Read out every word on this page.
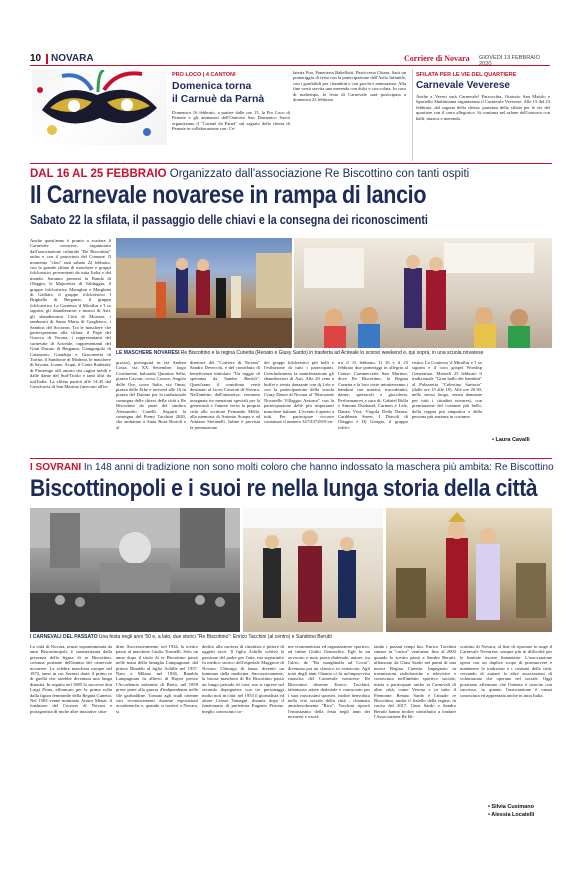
10 NOVARA	Corriere di Novara GIOVEDÌ 13 FEBBRAIO 2020
PRO LOCO | 4 CANTONI
Domenica torna
il Carnuè da Parnà
Domenica 16 febbraio, a partire dalle ore 15, la Pro Loco di Pernate e gli animatori dell'Oratorio San Domenico Savio organizzano il "Carnuè da Parnà" sul sagrato della chiesa di Pernate in collaborazione con: Ce-
lateria Pua, Panetteria Rabellotti, Pasticceria Chiara. Sarà un pomeriggio di festa con la partecipazione dell'Asilo Infantile, con i gonfiabili per i bambini e con giochi e animazioni. Alla fine verrà servita una merenda con dolci e cioccolata. In caso di maltempo, la festa di Carnevale sarà posticipata a domenica 23 febbraio.
SFILATA PER LE VIE DEL QUARTIERE
Carnevale Veverese
Anche a Veveri sarà Carnevale! Parrocchia, Oratorio San Maiolo e Sportello Shulimiama organizzano il Carnevale Veverese. Alle 15 del 23 febbraio, dal sagrato della chiesa, partenza della sfilata per le vie del quartiere con il carro allegorico. Si continua nel salone dell'oratorio con balli, musica e merenda.
DAL 16 AL 25 FEBBRAIO Organizzato dall'associazione Re Biscottino con tanti ospiti
Il Carnevale novarese in rampa di lancio
Sabato 22 la sfilata, il passaggio delle chiavi e la consegna dei riconoscimenti
Anche quest'anno è pronto a scattare il Carnevale novarese, organizzato dall'associazione culturale "Re Biscottino" onlus e con il patrocinio del Comune. Il momento "clou" sarà sabato 22 febbraio, con la grande sfilata di maschere e gruppi folcloristici provenienti da tutta Italia e dal mondo. Saranno presenti la Banda di Oleggio, le Majorettes di Valduggia, il gruppo folcloristico Maraghin e Marghina di Galliate, il gruppo folcloristico I Brighella di Bergamo, il gruppo folcloristico La Contessa 'd Miraflur e 'l so sigurin, gli sbandieratori e musici di Asti, gli sbandieratori Città di Mortara, i tamburini di Santa Maria di Gragliasco, i Sambos del Socavon. Tra le maschere che parteciperanno alla sfilata: il Papà del Gnocco di Verona, i rappresentanti del carnevale di Acireale, rappresentanti del Gran Ducato di Bergamo, Giangurgolo di Catanzaro, Gianduja e Giacometta di Torino, il Sandrone di Modena, le maschere di Savona, Loano, Acqui, il Conte Radetzky di Pastrengo affi ancato dai cugini nobili e dalle dame del Sud-Tirolo e tanti altri da tutt'Italia. La sfilata partirà alle 14.45 dal Cavalcavia di San Martino (mercato all'in-
LE MASCHERE NOVARESI Re Biscottino e la regina Cunetta (Renato e Giusy Sardo) in trasferta ad Acireale lo scorso weekend e, qui sopra, in una scuola novarese
grosso), proseguirà in via Andrea Costa, via XX Settembre, largo Costituente, baluardo Quintino Sella, piazza Cavour, corso Cavour, Angolo delle Ore, corso Italia, via Omar, piazza delle Erbe e arriverà alle 16 in piazza del Duomo per la tradizionale consegna delle chiavi della città a Re Biscottino da parte del sindaco Alessandro Canelli. Seguirà la consegna del Premi Tacchini 2020, che andranno a Anna Rosa Borioli e al
direttore del "Corriere di Novara" Sandro Devecchi, e del contributo di beneficenza intitolato "Un raggio di speranza da Sandro Bertoli". Quest'anno il contributo verrà destinato al Liceo Casorati di Novara. Nell'ambito dell'iniziativa, verranno assegnate tre menzioni speciali per la generosità e l'amore verso la propria città allo scrittore Fernando Mella, alla memoria di Antonio Scarpa e ad Adriano Stefanelli. Infine è prevista la premiazione
dei gruppi folcloristici più belli e l'esibizione di tutti i partecipanti. Concluderanno la manifestazione gli sbandieratori di Asti. Alle 20 cena a buffet e serata danzante con dj Lele e con la partecipazione della scuola Crazy Dance di Novara al "Ristorante Novarello Villaggio Azzurro" con la partecipazione delle più importanti maschere italiane. L'evento è aperto a tutti. Per partecipare occorre contattare il numero 347/4372919 en-
tro il 15 febbraio. Il 16 e il 23 febbraio due pomeriggi in allegria al Centro Commerciale San Martino, dove Re Biscottino, la Regina Cunetta e la loro corte intratterranno i bambini con musica, truccabimbi, danze, spettacoli e giocoleria. Performances a cura di: Gabriel Bolla e Simona Duoband, Carmen e Lele, Danza Viva, Virgola Della Danza, Caribbean Street, I Diavoli di Oleggio e Dj Giorgio, il gruppo folclo-
ristico La Contessa 'd Miraflur e 'l so sigurin e il coro gospel Worship Generation. Martedì 25 febbraio il tradizionale "Gran ballo dei bambini" al Palazzetto "Celestino Sartorio" (dalle ore 15 alle 18). Alle ore 20.30, nello stesso luogo, serata danzante per tutti i cittadini novaresi, con premiazione del costume più bello, della coppia più simpatica e della persona più anziana in costume.
• Laura Cavalli
I SOVRANI In 148 anni di tradizione non sono molti coloro che hanno indossato la maschera più ambita: Re Biscottino
Biscottinopoli e i suoi re nella lunga storia della città
I CARNEVALI DEL PASSATO Una festa negli anni '50 e, a lato, due storici "Re Biscottino": Enrico Tacchini (al centro) e Sandrino Berutti
La città di Novara, ormai sopranominata da anni Biscottinopoli, è caratterizzata dalla presenza della figura di re Biscottino, colonna portante dell'anima del carnevale novarese. La celebre maschera nacque nel 1872, anno in cui Serazzi donò il primo re di guella che sarebbe diventata una lunga dinastia. In seguito nel 1885 lo successe don Luigi Prina, affiancato per la prima volta dalla figura femminile della Regina Cunetta. Nel 1903 venne nominato Arturo Menzi, il fondatore del Corriere di Novara e protagonista di molte altre iniziative citta-
dine. Successivamente, nel 1934, la scettro passò al marchese Giulio Tornielli. Solo un anno dopo il titolo di re Biscottino passò nelle mani della famiglia Lampugnani: dal pittore Rinaldo al figlio Achille nel 1937. Nato a Milano nel 1836, Rinaldo Lampugnani fu allievo di Hayez presso l'Accademia milanese di Brera, nel 1859 prese parte alla guerra d'indipendenza nelle file garibaldine. Tornato agli studi ottenne vari riconoscimenti durante esposizioni accademiche e, quando si trasferì a Novara, si
dedicò alla carriera di ritrattista e pittore di oggetti sacri. Il figlio Achille coltivò la passione del padre per l'arte, ma soprattutto fu medico storico dell'ospedale Maggiore di Novara. Chirurgo di fama, diventò un luminare della medicina. Successivamente, la briosa maschera di Re Biscottino passò un lungo periodo di crisi, ma si riprese nel secondo dopoguerra con tre personaggi molto noti in città: nel 1953 il giornalista ed attore Cesare Tamagni, durante dopo il funzionario di prefettura Eugenio Pistone, meglio conosciuto co-
me cronometrista ed organizzatore sportivo, ed infine Giulio Gennochio. Egli fu un avvocato e noto poeta dialettale, autore, tra l'altro, de "Ra marghinàla ad Cocia", diventata poi un classico in vernacolo. Agli inizi degli anni Ottanta ci fu un'improvvisa rinascita del Carnevale novarese: Re Biscottino divenne Enrico Tacchini, talentuoso attore dialettale e conosciuto per i suoi riuscissimi sportivi, inoltre benvoluto nella vita sociale della città ; chiamato amichevolmente "Rico", Tacchini riportò l'entusiasmo della festa negli anni dei novaresi e riscat-
tando i passati tempi bui. Enrico Tacchini rimase in "carica" vent'anni, fino al 2002 quando lo scettro passò a Sandro Berutti, affiancato da Giusi Sardo nei panni di una nuova Regina Cunetta. Impegnato in trasmissioni radiofoniche e televisive e conosciuto nell'ambito sportivo sociale, inizia a partecipare anche ai Carnevali di altre città, come Verona e in tutto il Piemonte. Renato Sardo è l'attuale re Biscottino, anche il fratello della regina, in carica dal 2017. Giusi Sardo e Sandro Berutti hanno inoltre contribuito a fondare l'Associazione Re Bi-
scottino di Novara, al fine di riportare in auge il Carnevale Novarese, sempre più in difficoltà per le limitate risorse finanziarie. L'associazione opera con un duplice scopo di promuovere e mantenere le tradizioni e i costumi della città, cercando di aiutare le altre associazioni di volontariato che operano nel sociale. Oggi possiamo affermare che l'intento è riuscito con successo, in quanto l'associazione è ormai conosciuta ed apprezzata anche in tutta Italia.
• Silvia Cusimano
• Alessia Locatelli
